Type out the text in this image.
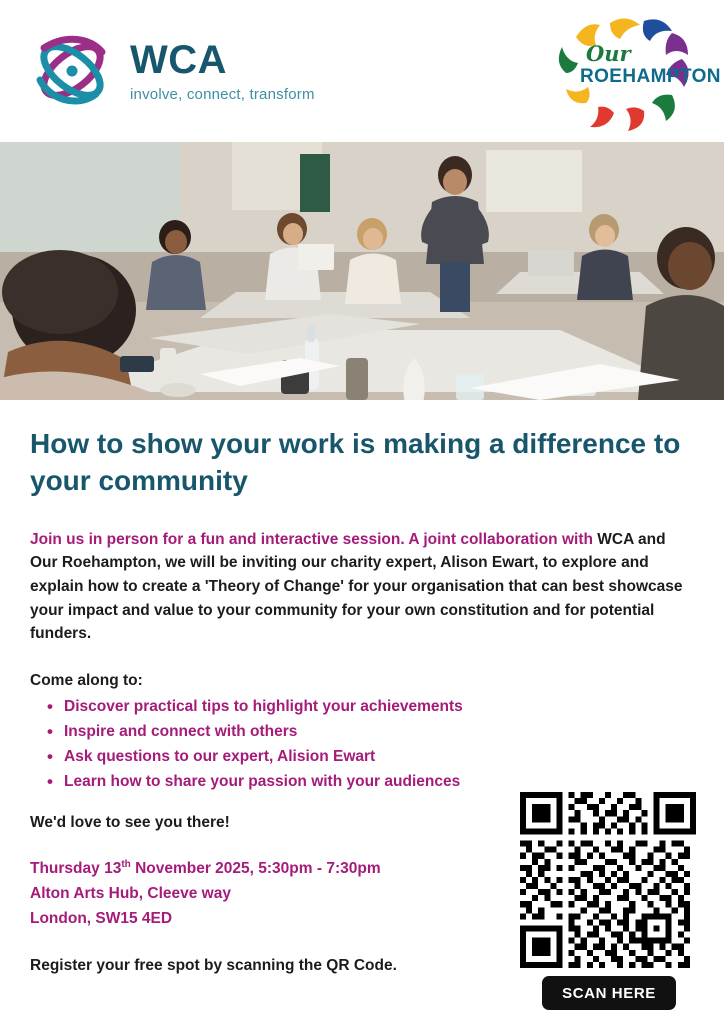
WCA
involve, connect, transform
Our
ROEHAMPTON
How to show your work is making a difference to your community

Join us in person for a fun and interactive session. A joint collaboration with WCA and Our Roehampton, we will be inviting our charity expert, Alison Ewart, to explore and explain how to create a 'Theory of Change' for your organisation that can best showcase your impact and value to your community for your own constitution and for potential funders.

Come along to:

• Discover practical tips to highlight your achievements
• Inspire and connect with others
• Ask questions to our expert, Alision Ewart
• Learn how to share your passion with your audiences

We'd love to see you there!

Thursday 13th November 2025, 5:30pm - 7:30pm
Alton Arts Hub, Cleeve way
London, SW15 4ED

Register your free spot by scanning the QR Code.

SCAN HERE
